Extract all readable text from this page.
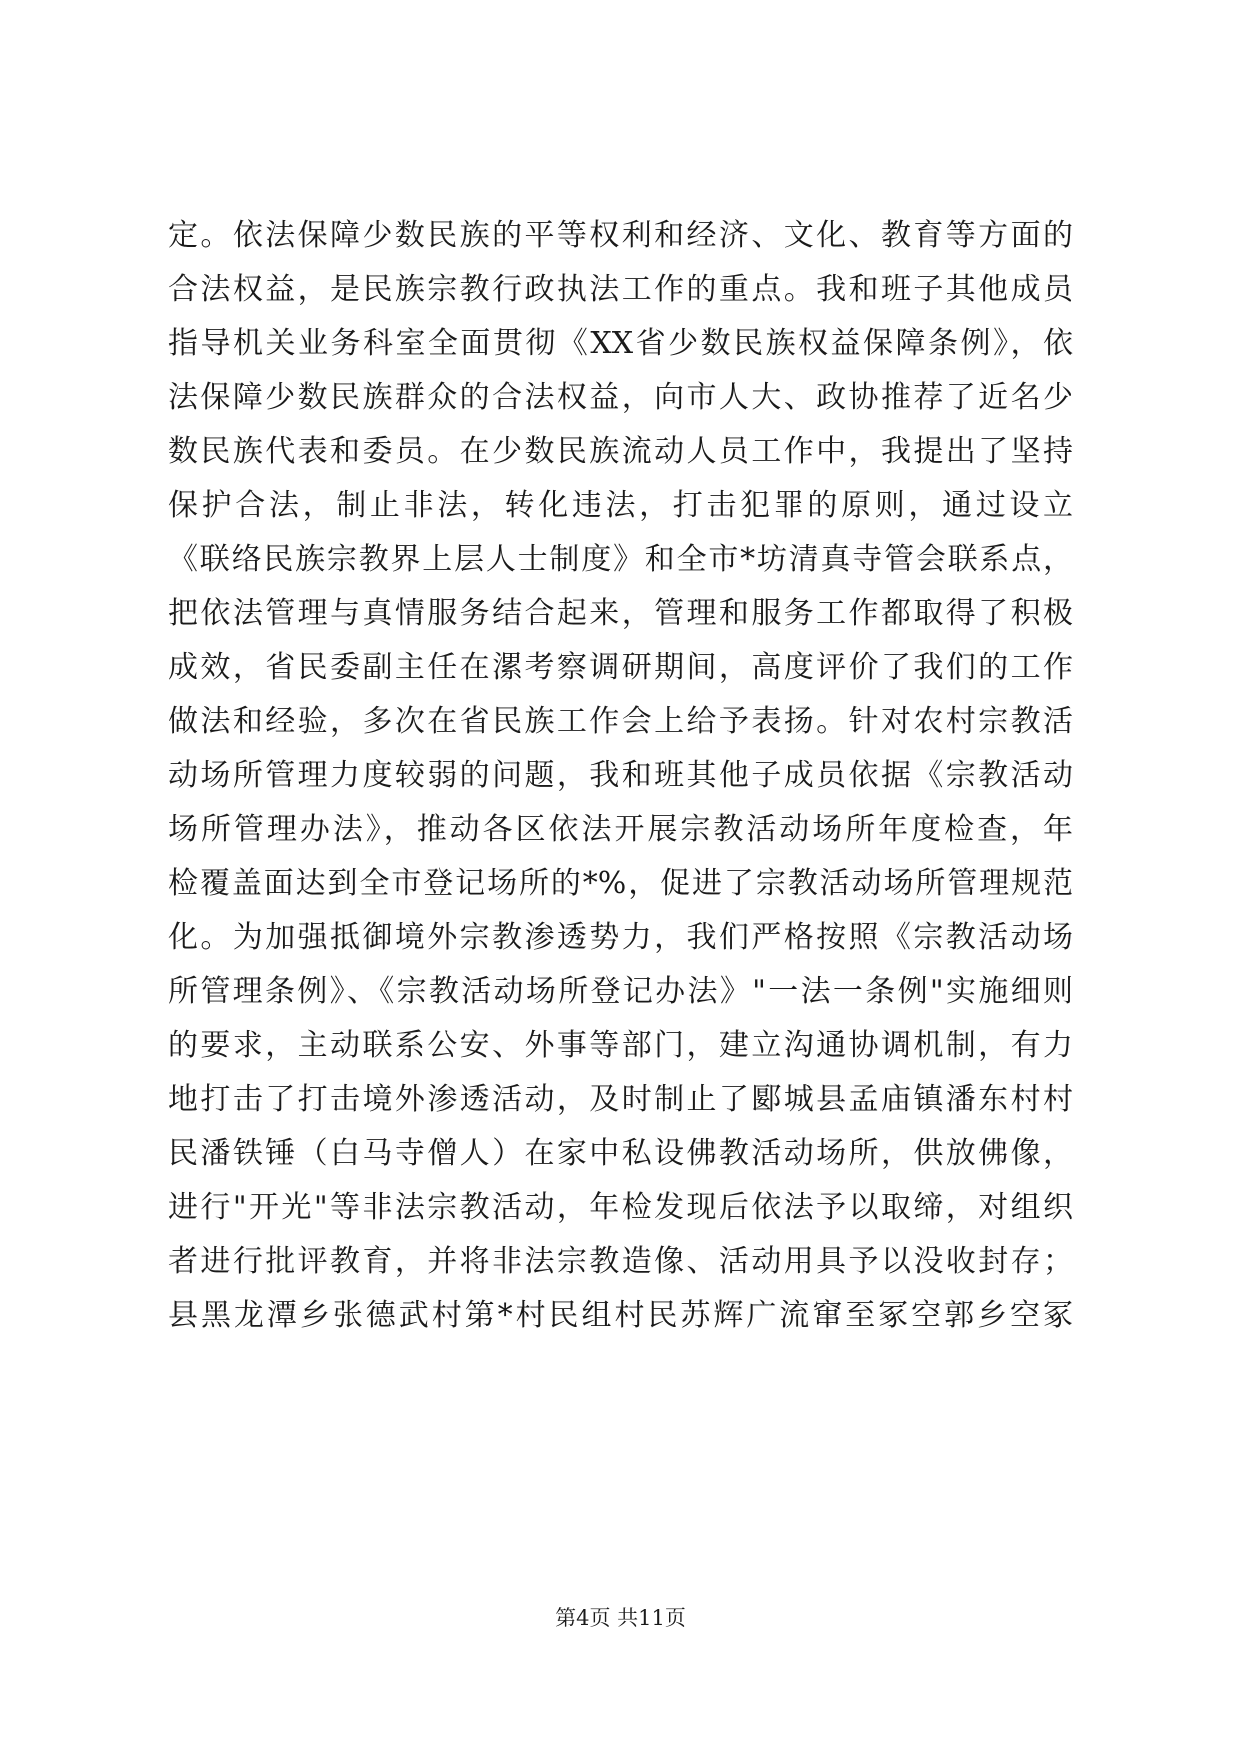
定。依法保障少数民族的平等权利和经济、文化、教育等方面的
合法权益，是民族宗教行政执法工作的重点。我和班子其他成员
指导机关业务科室全面贯彻《XX省少数民族权益保障条例》，依
法保障少数民族群众的合法权益，向市人大、政协推荐了近名少
数民族代表和委员。在少数民族流动人员工作中，我提出了坚持
保护合法，制止非法，转化违法，打击犯罪的原则，通过设立
《联络民族宗教界上层人士制度》和全市*坊清真寺管会联系点，
把依法管理与真情服务结合起来，管理和服务工作都取得了积极
成效，省民委副主任在漯考察调研期间，高度评价了我们的工作
做法和经验，多次在省民族工作会上给予表扬。针对农村宗教活
动场所管理力度较弱的问题，我和班其他子成员依据《宗教活动
场所管理办法》，推动各区依法开展宗教活动场所年度检查，年
检覆盖面达到全市登记场所的*%，促进了宗教活动场所管理规范
化。为加强抵御境外宗教渗透势力，我们严格按照《宗教活动场
所管理条例》、《宗教活动场所登记办法》"一法一条例"实施细则
的要求，主动联系公安、外事等部门，建立沟通协调机制，有力
地打击了打击境外渗透活动，及时制止了郾城县孟庙镇潘东村村
民潘铁锤（白马寺僧人）在家中私设佛教活动场所，供放佛像，
进行"开光"等非法宗教活动，年检发现后依法予以取缔，对组织
者进行批评教育，并将非法宗教造像、活动用具予以没收封存；
县黑龙潭乡张德武村第*村民组村民苏辉广流窜至冢空郭乡空冢
第4页 共11页
